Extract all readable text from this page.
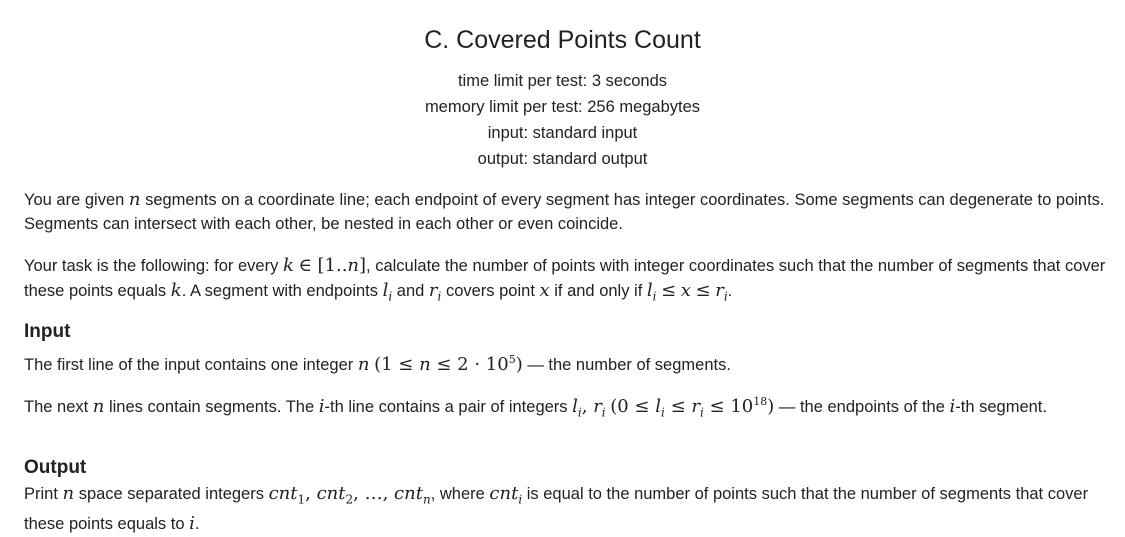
C. Covered Points Count
time limit per test: 3 seconds
memory limit per test: 256 megabytes
input: standard input
output: standard output

You are given n segments on a coordinate line; each endpoint of every segment has integer coordinates. Some segments can degenerate to points. Segments can intersect with each other, be nested in each other or even coincide.

Your task is the following: for every k ∈ [1..n], calculate the number of points with integer coordinates such that the number of segments that cover these points equals k. A segment with endpoints $l_i$ and $r_i$ covers point x if and only if $l_i \le x \le r_i$.

Input

The first line of the input contains one integer n $(1 \le n \le 2 \cdot 10^5)$ — the number of segments.

The next n lines contain segments. The i-th line contains a pair of integers $l_i$, $r_i$ $(0 \le l_i \le r_i \le 10^{18})$ — the endpoints of the i-th segment.

Output

Print n space separated integers cnt$_1$, cnt$_2$, …, cnt$_n$, where cnt$_i$ is equal to the number of points such that the number of segments that cover these points equals to i.
